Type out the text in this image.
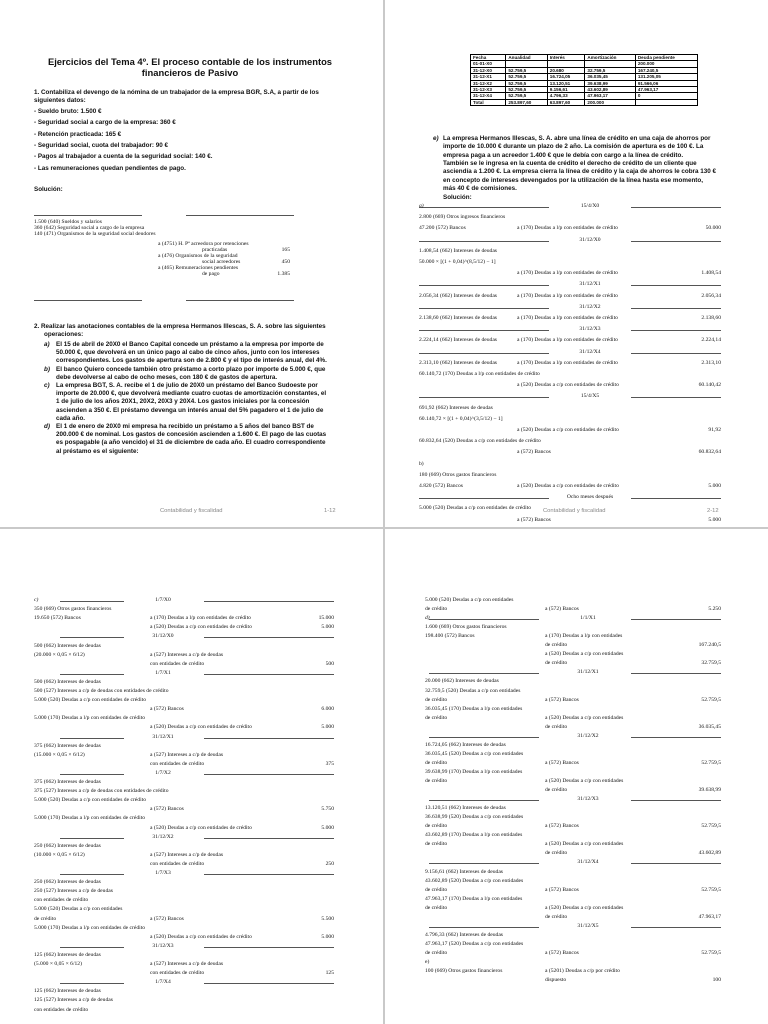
Ejercicios del Tema 4º. El proceso contable de los instrumentos
financieros de Pasivo
1. Contabiliza el devengo de la nómina de un trabajador de la empresa BGR, S.A, a partir de los
siguientes datos:
- Sueldo bruto: 1.500 €
- Seguridad social a cargo de la empresa: 360 €
- Retención practicada: 165 €
- Seguridad social, cuota del trabajador: 90 €
- Pagos al trabajador a cuenta de la seguridad social: 140 €.
- Las remuneraciones quedan pendientes de pago.
Solución:
1.500 (640) Sueldos y salarios
360 (642) Seguridad social a cargo de la empresa
140 (471) Organismos de la seguridad social deudores
a (4751) H. Pª acreedora por retenciones
practicadas	165
a (476) Organismos de la seguridad
social acreedores	450
a (465) Remuneraciones pendientes
de pago	1.385
2. Realizar las anotaciones contables de la empresa Hermanos Illescas, S. A. sobre las siguientes
operaciones:
a) El 15 de abril de 20X0 el Banco Capital concede un préstamo a la empresa por importe de
50.000 €, que devolverá en un único pago al cabo de cinco años, junto con los intereses
correspondientes. Los gastos de apertura son de 2.800 € y el tipo de interés anual, del 4%.
b) El banco Quiero concede también otro préstamo a corto plazo por importe de 5.000 €, que
debe devolverse al cabo de ocho meses, con 180 € de gastos de apertura.
c) La empresa BGT, S. A. recibe el 1 de julio de 20X0 un préstamo del Banco Sudoeste por
importe de 20.000 €, que devolverá mediante cuatro cuotas de amortización constantes, el
1 de julio de los años 20X1, 20X2, 20X3 y 20X4. Los gastos iniciales por la concesión
ascienden a 350 €. El préstamo devenga un interés anual del 5% pagadero el 1 de julio de
cada año.
d) El 1 de enero de 20X0 mi empresa ha recibido un préstamo a 5 años del banco BST de
200.000 € de nominal. Los gastos de concesión ascienden a 1.600 €. El pago de las cuotas
es pospagable (a año vencido) el 31 de diciembre de cada año. El cuadro correspondiente
al préstamo es el siguiente:
Contabilidad y fiscalidad	1-12
Fecha	Anualidad	Interés	Amortización	Deuda pendiente
01-01-X0				200.000
31-12-X0	52.759,5	20.680	32.759,5	167.240,5
31-12-X1	52.759,5	16.724,05	36.035,45	131.205,05
31-12-X2	52.759,5	13.120,51	39.638,99	91.566,06
31-12-X3	52.759,5	9.156,61	43.602,89	47.963,17
31-12-X4	52.759,5	4.796,33	47.963,17	0
Total	253.897,60	63.897,60	200.000	
e) La empresa Hermanos Illescas, S. A. abre una línea de crédito en una caja de ahorros por
importe de 10.000 € durante un plazo de 2 año. La comisión de apertura es de 100 €. La
empresa paga a un acreedor 1.400 € que le debía con cargo a la línea de crédito.
También se le ingresa en la cuenta de crédito el derecho de crédito de un cliente que
asciendía a 1.200 €. La empresa cierra la línea de crédito y la caja de ahorros le cobra 130 €
en concepto de intereses devengados por la utilización de la línea hasta ese momento,
más 40 € de comisiones.
Solución:
15/4/X0
a)
2.800 (669) Otros ingresos financieros
47.200 (572) Bancos	a (170) Deudas a l/p con entidades de crédito	50.000
31/12/X0
1.408,54 (662) Intereses de deudas
50.000 × [(1 + 0,04)^(8,5/12) − 1]
a (170) Deudas a l/p con entidades de crédito	1.408,54
31/12/X1
2.056,34 (662) Intereses de deudas	a (170) Deudas a l/p con entidades de crédito	2.056,34
31/12/X2
2.138,60 (662) Intereses de deudas	a (170) Deudas a l/p con entidades de crédito	2.138,60
31/12/X3
2.224,14 (662) Intereses de deudas	a (170) Deudas a l/p con entidades de crédito	2.224,14
31/12/X4
2.313,10 (662) Intereses de deudas	a (170) Deudas a l/p con entidades de crédito	2.313,10
60.140,72 (170) Deudas a l/p con entidades de crédito
a (520) Deudas a c/p con entidades de crédito	60.140,42
15/4/X5
691,92 (662) Intereses de deudas
60.140,72 × [(1 + 0,04)^(3,5/12) − 1]
a (520) Deudas a c/p con entidades de crédito	91,92
60.832,64 (520) Deudas a c/p con entidades de crédito
a (572) Bancos	60.832,64
b)
180 (669) Otros gastos financieros
4.820 (572) Bancos	a (520) Deudas a c/p con entidades de crédito	5.000
Ocho meses después
5.000 (520) Deudas a c/p con entidades de crédito
a (572) Bancos	5.000
Contabilidad y fiscalidad	2-12
1/7/X0
c)
350 (669) Otros gastos financieros
19.650 (572) Bancos	a (170) Deudas a l/p con entidades de crédito	15.000
a (520) Deudas a c/p con entidades de crédito	5.000
31/12/X0
500 (662) Intereses de deudas
(20.000 × 0,05 × 6/12)	a (527) Intereses a c/p de deudas
con entidades de crédito	500
1/7/X1
500 (662) Intereses de deudas
500 (527) Intereses a c/p de deudas con entidades de crédito
5.000 (520) Deudas a c/p con entidades de crédito
a (572) Bancos	6.000
5.000 (170) Deudas a l/p con entidades de crédito
a (520) Deudas a c/p con entidades de crédito	5.000
31/12/X1
375 (662) Intereses de deudas
(15.000 × 0,05 × 6/12)	a (527) Intereses a c/p de deudas
con entidades de crédito	375
1/7/X2
375 (662) Intereses de deudas
375 (527) Intereses a c/p de deudas con entidades de crédito
5.000 (520) Deudas a c/p con entidades de crédito
a (572) Bancos	5.750
5.000 (170) Deudas a l/p con entidades de crédito
a (520) Deudas a c/p con entidades de crédito	5.000
31/12/X2
250 (662) Intereses de deudas
(10.000 × 0,05 × 6/12)	a (527) Intereses a c/p de deudas
con entidades de crédito	250
1/7/X3
250 (662) Intereses de deudas
250 (527) Intereses a c/p de deudas
con entidades de crédito
5.000 (520) Deudas a c/p con entidades
de crédito	a (572) Bancos	5.500
5.000 (170) Deudas a l/p con entidades de crédito
a (520) Deudas a c/p con entidades de crédito	5.000
31/12/X3
125 (662) Intereses de deudas
(5.000 × 0,05 × 6/12)	a (527) Intereses a c/p de deudas
con entidades de crédito	125
1/7/X4
125 (662) Intereses de deudas
125 (527) Intereses a c/p de deudas
con entidades de crédito
5.000 (520) Deudas a c/p con entidades
de crédito	a (572) Bancos	5.250
1/1/X1
d)
1.600 (669) Otros gastos financieros
198.400 (572) Bancos	a (170) Deudas a l/p con entidades
de crédito	167.240,5
a (520) Deudas a c/p con entidades
de crédito	32.759,5
31/12/X1
20.000 (662) Intereses de deudas
32.759,5 (520) Deudas a c/p con entidades
de crédito	a (572) Bancos	52.759,5
36.035,45 (170) Deudas a l/p con entidades
de crédito	a (520) Deudas a c/p con entidades
de crédito	36.035,45
31/12/X2
16.724,05 (662) Intereses de deudas
36.035,45 (520) Deudas a c/p con entidades
de crédito	a (572) Bancos	52.759,5
39.638,99 (170) Deudas a l/p con entidades
de crédito	a (520) Deudas a c/p con entidades
de crédito	39.638,99
31/12/X3
13.120,51 (662) Intereses de deudas
36.638,99 (520) Deudas a c/p con entidades
de crédito	a (572) Bancos	52.759,5
43.602,89 (170) Deudas a l/p con entidades
de crédito	a (520) Deudas a c/p con entidades
de crédito	43.602,89
31/12/X4
9.156,61 (662) Intereses de deudas
43.602,89 (520) Deudas a c/p con entidades
de crédito	a (572) Bancos	52.759,5
47.963,17 (170) Deudas a l/p con entidades
de crédito	a (520) Deudas a c/p con entidades
de crédito	47.963,17
31/12/X5
4.796,33 (662) Intereses de deudas
47.963,17 (520) Deudas a c/p con entidades
de crédito	a (572) Bancos	52.759,5
e)
100 (669) Otros gastos financieros	a (5201) Deudas a c/p por crédito
dispuesto	100
